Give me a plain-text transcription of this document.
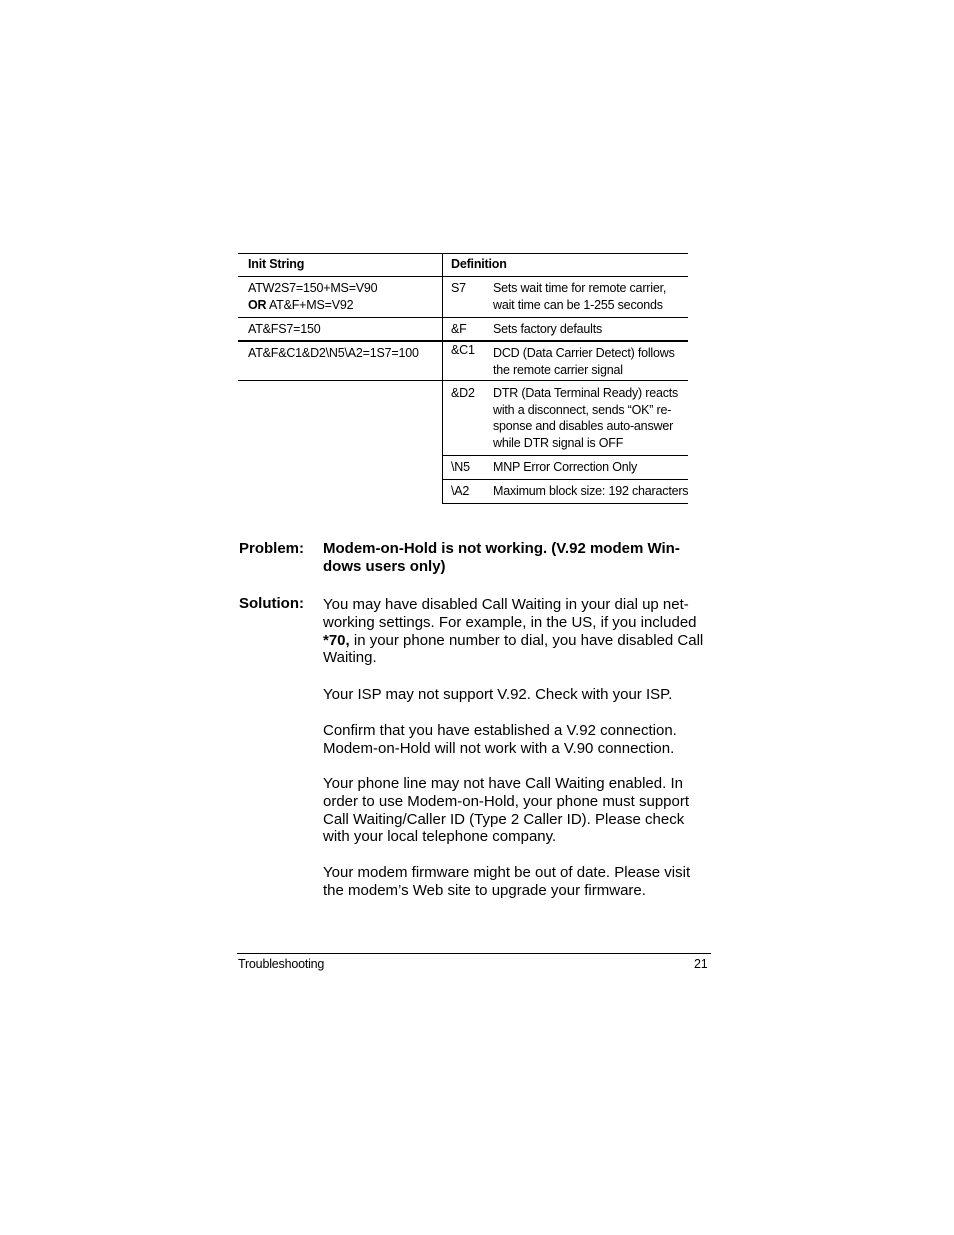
Init String	Definition
ATW2S7=150+MS=V90
OR AT&F+MS=V92
AT&FS7=150
AT&F&C1&D2\N5\A2=1S7=100
S7 Sets wait time for remote carrier,
wait time can be 1-255 seconds
&F Sets factory defaults
&C1 DCD (Data Carrier Detect) follows
the remote carrier signal
&D2 DTR (Data Terminal Ready) reacts
with a disconnect, sends “OK” re-
sponse and disables auto-answer
while DTR signal is OFF
\N5 MNP Error Correction Only
\A2 Maximum block size: 192 characters
Problem: Modem-on-Hold is not working. (V.92 modem Win-
dows users only)
Solution: You may have disabled Call Waiting in your dial up net-
working settings. For example, in the US, if you included
*70, in your phone number to dial, you have disabled Call
Waiting.
Your ISP may not support V.92. Check with your ISP.
Confirm that you have established a V.92 connection.
Modem-on-Hold will not work with a V.90 connection.
Your phone line may not have Call Waiting enabled. In
order to use Modem-on-Hold, your phone must support
Call Waiting/Caller ID (Type 2 Caller ID). Please check
with your local telephone company.
Your modem firmware might be out of date. Please visit
the modem’s Web site to upgrade your firmware.
Troubleshooting	21
